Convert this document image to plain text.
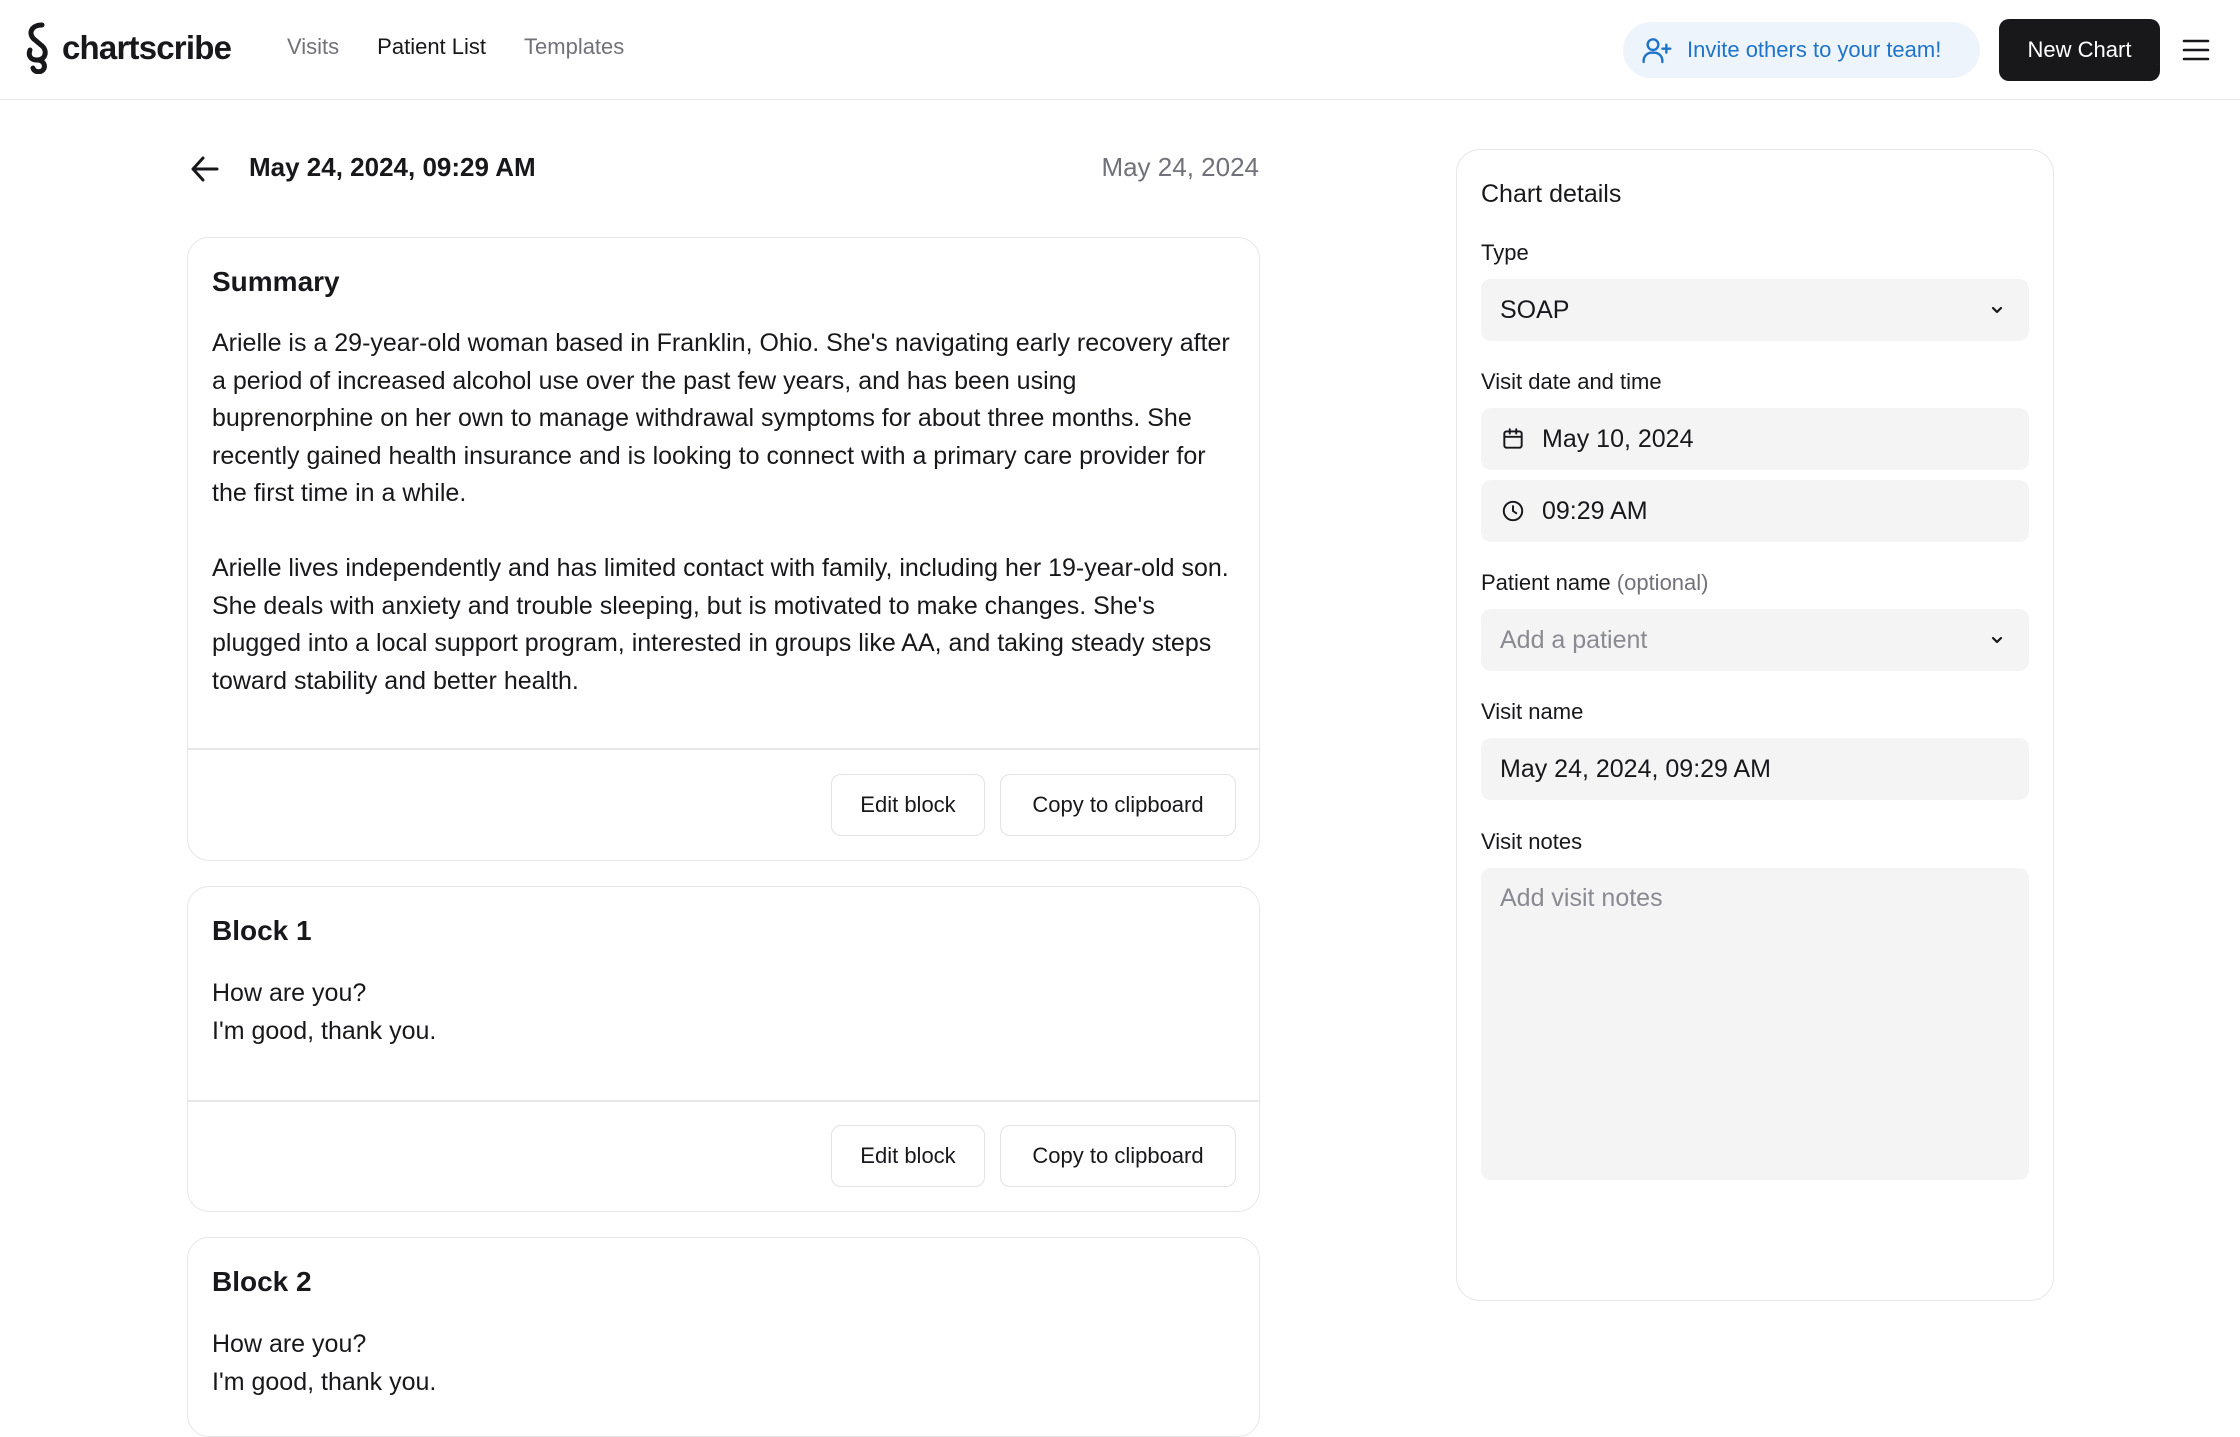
chartscribe	Visits Patient List Templates	Invite others to your team!	New Chart
May 24, 2024, 09:29 AM	May 24, 2024
Summary

Arielle is a 29-year-old woman based in Franklin, Ohio. She's navigating early recovery after a period of increased alcohol use over the past few years, and has been using buprenorphine on her own to manage withdrawal symptoms for about three months. She recently gained health insurance and is looking to connect with a primary care provider for the first time in a while.

Arielle lives independently and has limited contact with family, including her 19-year-old son. She deals with anxiety and trouble sleeping, but is motivated to make changes. She's plugged into a local support program, interested in groups like AA, and taking steady steps toward stability and better health.

Edit block	Copy to clipboard
Block 1
How are you?
I'm good, thank you.
Edit block	Copy to clipboard
Block 2
How are you?
I'm good, thank you.
Chart details
Type
SOAP
Visit date and time
May 10, 2024
09:29 AM
Patient name (optional)
Add a patient
Visit name
May 24, 2024, 09:29 AM
Visit notes
Add visit notes
